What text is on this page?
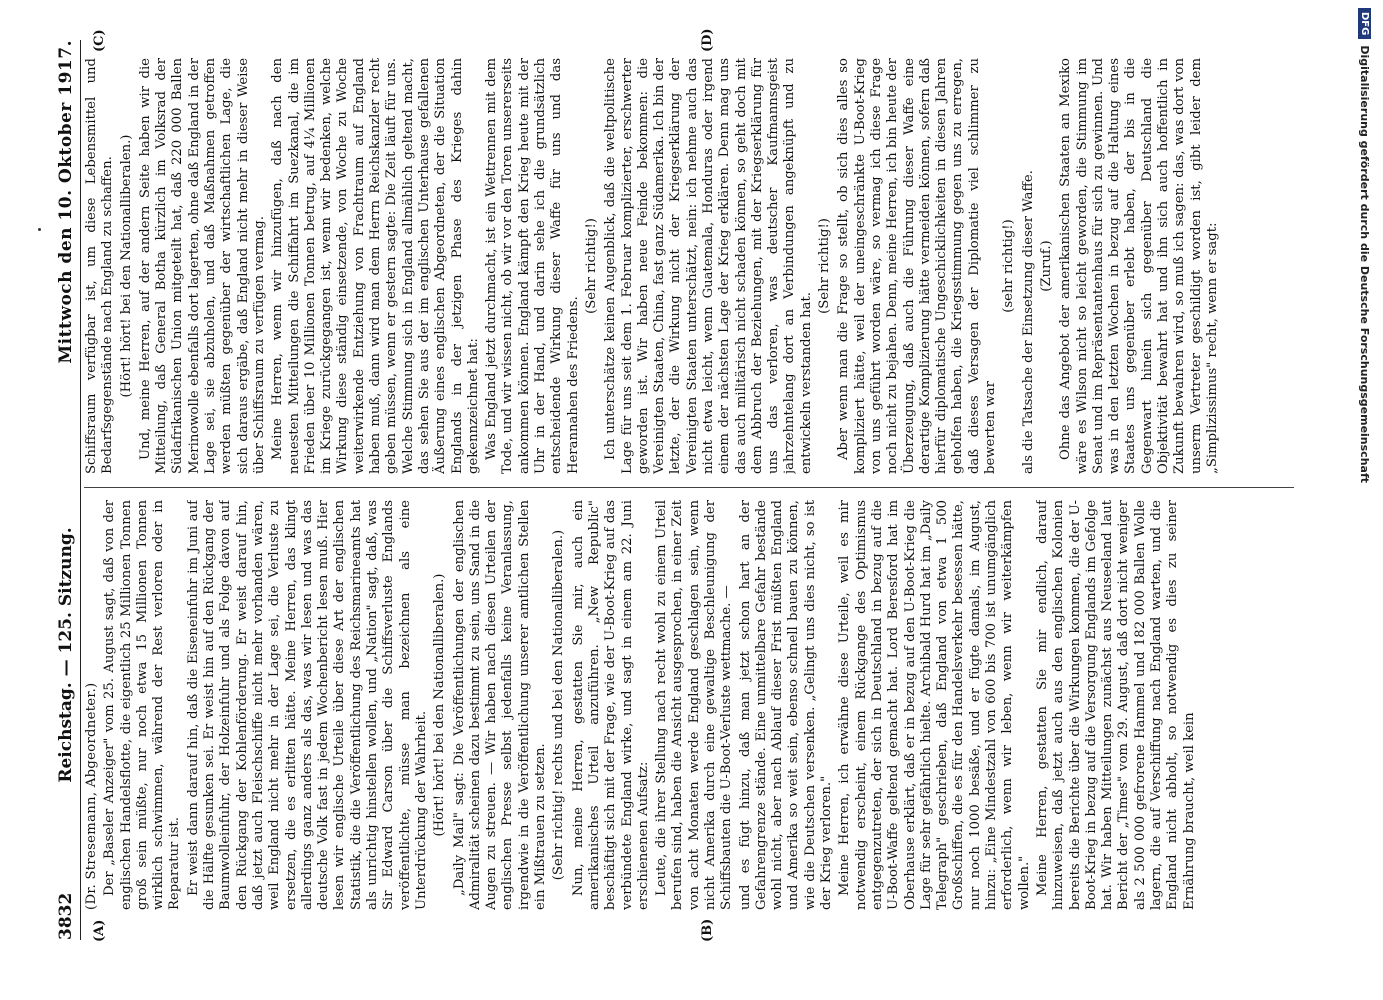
3832
Reichstag. — 125. Sitzung.
Mittwoch den 10. Oktober 1917.
(A)	(B)
(C)	(D)

(Dr. Stresemann, Abgeordneter.) Der „Baseler Anzeiger" vom 25. August sagt, daß von der englischen Handelsflotte, die eigentlich 25 Millionen Tonnen groß sein müßte, nur noch etwa 15 Millionen Tonnen wirklich schwimmen, während der Rest verloren oder in Reparatur ist. Er weist dann darauf hin, daß die Eiseneinfuhr im Juni auf die Hälfte gesunken sei. Er weist hin auf den Rückgang der Baumwolleinfuhr, der Holzeinfuhr und als Folge davon auf den Rückgang der Kohlenförderung. Er weist darauf hin, daß jetzt auch Fleischschiffe nicht mehr vorhanden wären, weil England nicht mehr in der Lage sei, die Verluste zu ersetzen, die es erlitten hätte. Meine Herren, das klingt allerdings ganz anders als das, was wir lesen und was das deutsche Volk fast in jedem Wochenbericht lesen muß. Hier lesen wir englische Urteile über diese Art der englischen Statistik, die die Veröffentlichung des Reichsmarineamts hat als unrichtig hinstellen wollen, und „Nation" sagt, daß, was Sir Edward Carson über die Schiffsverluste Englands veröffentlichte, müsse man bezeichnen als eine Unterdrückung der Wahrheit. (Hört! hört! bei den Nationalliberalen.) „Daily Mail" sagt: Die Veröffentlichungen der englischen Admiralität scheinen dazu bestimmt zu sein, uns Sand in die Augen zu streuen. — Wir haben nach diesen Urteilen der englischen Presse selbst jedenfalls keine Veranlassung, irgendwie in die Veröffentlichung unserer amtlichen Stellen ein Mißtrauen zu setzen. (Sehr richtig! rechts und bei den Nationalliberalen.) Nun, meine Herren, gestatten Sie mir, auch ein amerikanisches Urteil anzuführen. „New Republic" beschäftigt sich mit der Frage, wie der U-Boot-Krieg auf das verbündete England wirke, und sagt in einem am 22. Juni erschienenen Aufsatz: Leute, die ihrer Stellung nach recht wohl zu einem Urteil berufen sind, haben die Ansicht ausgesprochen, in einer Zeit von acht Monaten werde England geschlagen sein, wenn nicht Amerika durch eine gewaltige Beschleunigung der Schiffsbauten die U-Boot-Verluste wettmache. — und es fügt hinzu, daß man jetzt schon hart an der Gefahrengrenze stände. Eine unmittelbare Gefahr bestände wohl nicht, aber nach Ablauf dieser Frist müßten England und Amerika so weit sein, ebenso schnell bauen zu können, wie die Deutschen versenken. „Gelingt uns dies nicht, so ist der Krieg verloren." Meine Herren, ich erwähne diese Urteile, weil es mir notwendig erscheint, einem Rückgange des Optimismus entgegenzutreten, der sich in Deutschland in bezug auf die U-Boot-Waffe geltend gemacht hat. Lord Beresford hat im Oberhause erklärt, daß er in bezug auf den U-Boot-Krieg die Lage für sehr gefährlich hielte. Archibald Hurd hat im „Daily Telegraph" geschrieben, daß England von etwa 1 500 Großschiffen, die es für den Handelsverkehr besessen hätte, nur noch 1000 besäße, und er fügte damals, im August, hinzu: „Eine Mindestzahl von 600 bis 700 ist unumgänglich erforderlich, wenn wir leben, wenn wir weiterkämpfen wollen." Meine Herren, gestatten Sie mir endlich, darauf hinzuweisen, daß jetzt auch aus den englischen Kolonien bereits die Berichte über die Wirkungen kommen, die der U-Boot-Krieg in bezug auf die Versorgung Englands im Gefolge hat. Wir haben Mitteilungen zunächst aus Neuseeland laut Bericht der „Times" vom 29. August, daß dort nicht weniger als 2 500 000 gefrorene Hammel und 182 000 Ballen Wolle lagern, die auf Verschiffung nach England warten, und die England nicht abholt, so notwendig es dies zu seiner Ernährung braucht, weil kein

Schiffsraum verfügbar ist, um diese Lebensmittel und Bedarfsgegenstände nach England zu schaffen. (Hört! hört! bei den Nationalliberalen.) Und, meine Herren, auf der andern Seite haben wir die Mitteilung, daß General Botha kürzlich im Volksrad der Südafrikanischen Union mitgeteilt hat, daß 220 000 Ballen Merinowolle ebenfalls dort lagerten, ohne daß England in der Lage sei, sie abzuholen, und daß Maßnahmen getroffen werden müßten gegenüber der wirtschaftlichen Lage, die sich daraus ergäbe, daß England nicht mehr in dieser Weise über Schiffsraum zu verfügen vermag. Meine Herren, wenn wir hinzufügen, daß nach den neuesten Mitteilungen die Schiffahrt im Suezkanal, die im Frieden über 10 Millionen Tonnen betrug, auf 4¼ Millionen im Kriege zurückgegangen ist, wenn wir bedenken, welche Wirkung diese ständig einsetzende, von Woche zu Woche weiterwirkende Entziehung von Frachtraum auf England haben muß, dann wird man dem Herrn Reichskanzler recht geben müssen, wenn er gestern sagte: Die Zeit läuft für uns. Welche Stimmung sich in England allmählich geltend macht, das sehen Sie aus der im englischen Unterhause gefallenen Äußerung eines englischen Abgeordneten, der die Situation Englands in der jetzigen Phase des Krieges dahin gekennzeichnet hat: Was England jetzt durchmacht, ist ein Wettrennen mit dem Tode, und wir wissen nicht, ob wir vor den Toren unsererseits ankommen können. England kämpft den Krieg heute mit der Uhr in der Hand, und darin sehe ich die grundsätzlich entscheidende Wirkung dieser Waffe für uns und das Herannahen des Friedens.

(Sehr richtig!) Ich unterschätze keinen Augenblick, daß die weltpolitische Lage für uns seit dem 1. Februar komplizierter, erschwerter geworden ist. Wir haben neue Feinde bekommen: die Vereinigten Staaten, China, fast ganz Südamerika. Ich bin der letzte, der die Wirkung nicht der Kriegserklärung der Vereinigten Staaten unterschätzt, nein: ich nehme auch das nicht etwa leicht, wenn Guatemala, Honduras oder irgend einem der nächsten Lage der Krieg erklären. Denn mag uns das auch militärisch nicht schaden können, so geht doch mit dem Abbruch der Beziehungen, mit der Kriegserklärung für uns das verloren, was deutscher Kaufmannsgeist jahrzehntelang dort an Verbindungen angeknüpft und zu entwickeln verstanden hat.

(Sehr richtig!) Aber wenn man die Frage so stellt, ob sich dies alles so kompliziert hätte, weil der uneingeschränkte U-Boot-Krieg von uns geführt worden wäre, so vermag ich diese Frage noch nicht zu bejahen. Denn, meine Herren, ich bin heute der Überzeugung, daß auch die Führung dieser Waffe eine derartige Komplizierung hätte vermeiden können, sofern daß hierfür diplomatische Ungeschicklichkeiten in diesen Jahren geholfen haben, die Kriegsstimmung gegen uns zu erregen, daß dieses Versagen der Diplomatie viel schlimmer zu bewerten war

(sehr richtig!) als die Tatsache der Einsetzung dieser Waffe. (Zuruf.) Ohne das Angebot der amerikanischen Staaten an Mexiko wäre es Wilson nicht so leicht geworden, die Stimmung im Senat und im Repräsentantenhaus für sich zu gewinnen. Und was in den letzten Wochen in bezug auf die Haltung eines Staates uns gegenüber erlebt haben, der bis in die Gegenwart hinein sich gegenüber Deutschland die Objektivität bewahrt hat und ihn sich auch hoffentlich in Zukunft bewahren wird, so muß ich sagen: das, was dort von unserm Vertreter geschildigt worden ist, gibt leider dem „Simplizissimus" recht, wenn er sagt:

DFG
Digitalisierung gefördert durch die Deutsche Forschungsgemeinschaft
